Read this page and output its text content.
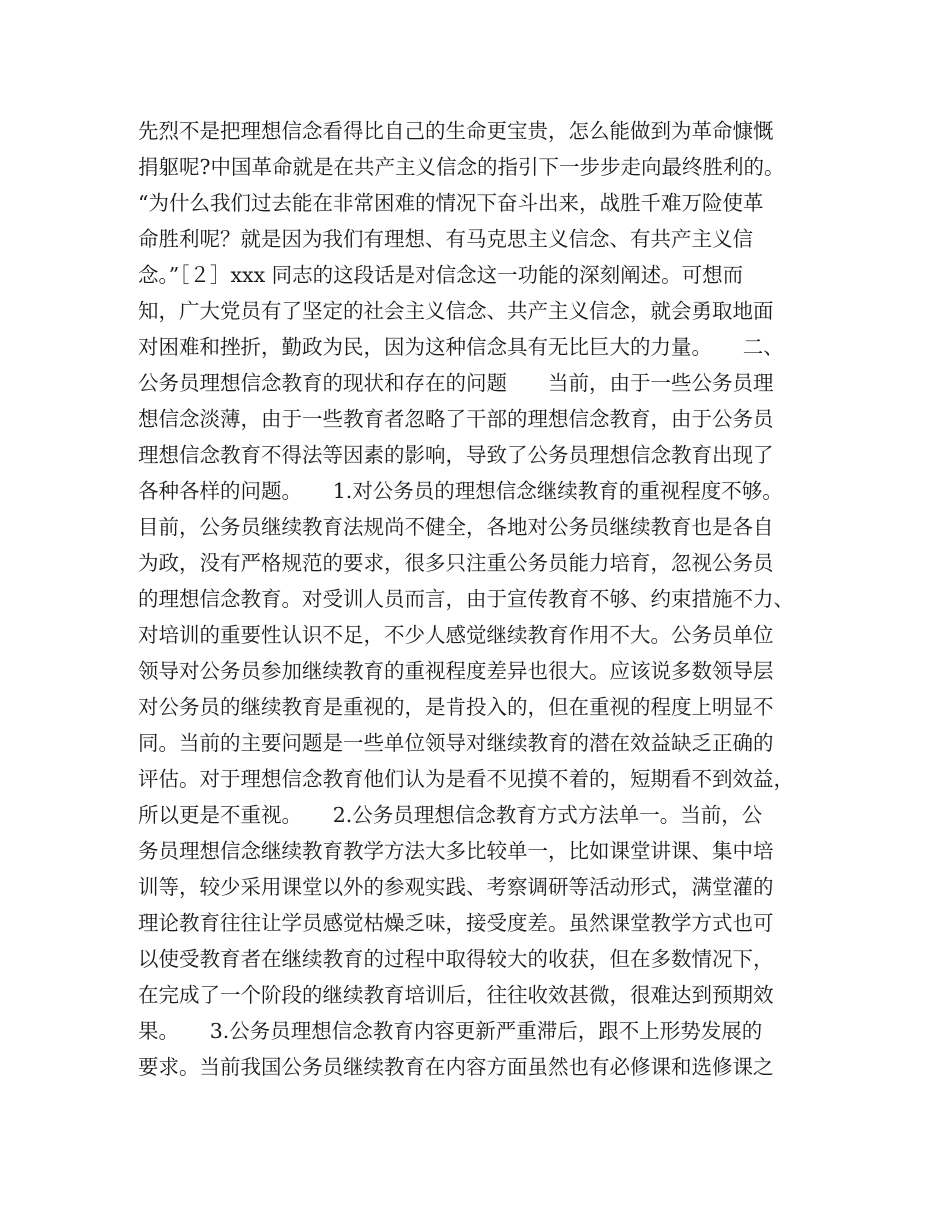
先烈不是把理想信念看得比自己的生命更宝贵，怎么能做到为革命慷慨
捐躯呢?中国革命就是在共产主义信念的指引下一步步走向最终胜利的。
“为什么我们过去能在非常困难的情况下奋斗出来，战胜千难万险使革
命胜利呢？就是因为我们有理想、有马克思主义信念、有共产主义信
念。”［２］xxx 同志的这段话是对信念这一功能的深刻阐述。可想而
知，广大党员有了坚定的社会主义信念、共产主义信念，就会勇取地面
对困难和挫折，勤政为民，因为这种信念具有无比巨大的力量。　　二、
公务员理想信念教育的现状和存在的问题　　当前，由于一些公务员理
想信念淡薄，由于一些教育者忽略了干部的理想信念教育，由于公务员
理想信念教育不得法等因素的影响，导致了公务员理想信念教育出现了
各种各样的问题。　　1.对公务员的理想信念继续教育的重视程度不够。
目前，公务员继续教育法规尚不健全，各地对公务员继续教育也是各自
为政，没有严格规范的要求，很多只注重公务员能力培育，忽视公务员
的理想信念教育。对受训人员而言，由于宣传教育不够、约束措施不力、
对培训的重要性认识不足，不少人感觉继续教育作用不大。公务员单位
领导对公务员参加继续教育的重视程度差异也很大。应该说多数领导层
对公务员的继续教育是重视的，是肯投入的，但在重视的程度上明显不
同。当前的主要问题是一些单位领导对继续教育的潜在效益缺乏正确的
评估。对于理想信念教育他们认为是看不见摸不着的，短期看不到效益，
所以更是不重视。　　2.公务员理想信念教育方式方法单一。当前，公
务员理想信念继续教育教学方法大多比较单一，比如课堂讲课、集中培
训等，较少采用课堂以外的参观实践、考察调研等活动形式，满堂灌的
理论教育往往让学员感觉枯燥乏味，接受度差。虽然课堂教学方式也可
以使受教育者在继续教育的过程中取得较大的收获，但在多数情况下，
在完成了一个阶段的继续教育培训后，往往收效甚微，很难达到预期效
果。　　3.公务员理想信念教育内容更新严重滞后，跟不上形势发展的
要求。当前我国公务员继续教育在内容方面虽然也有必修课和选修课之
